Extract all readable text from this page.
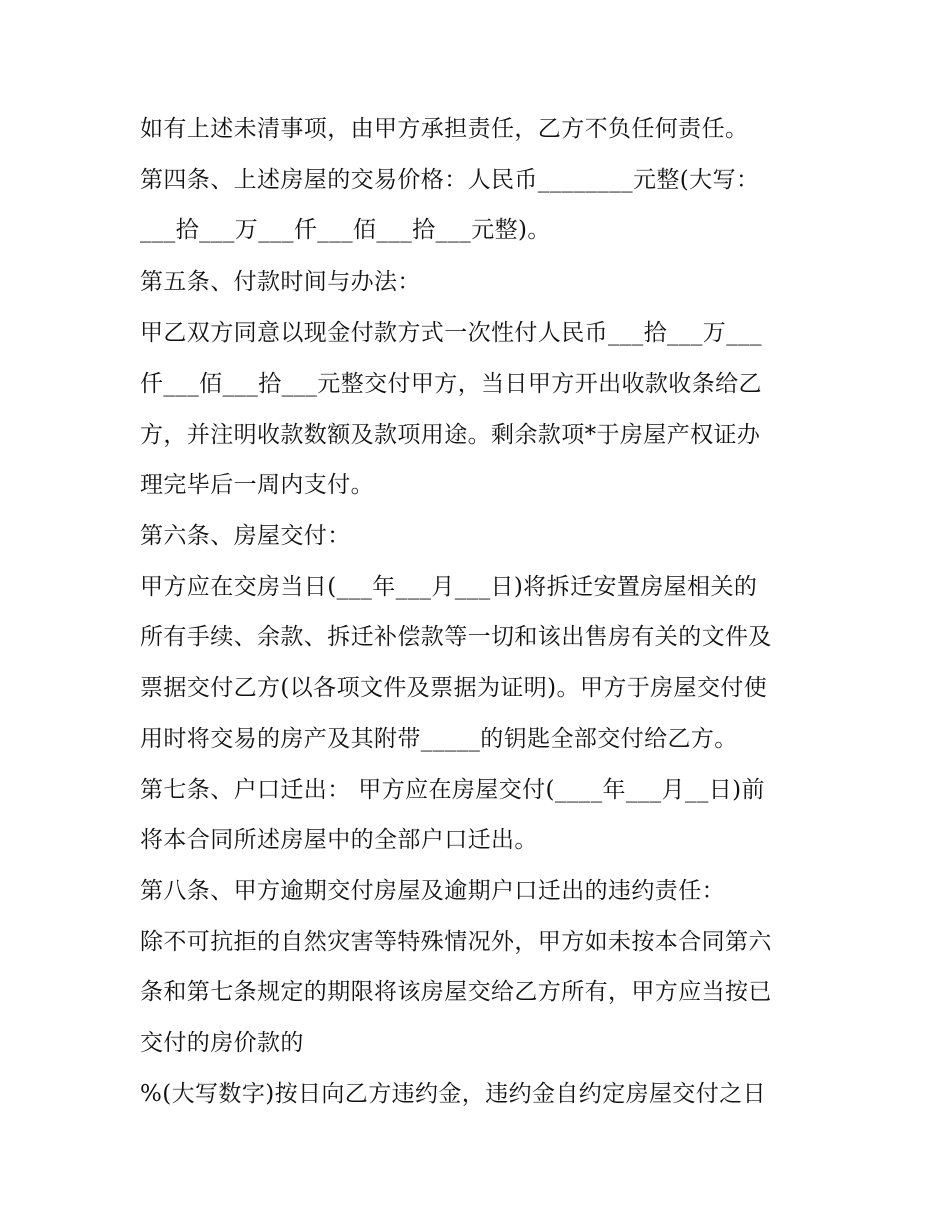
如有上述未清事项，由甲方承担责任，乙方不负任何责任。
第四条、上述房屋的交易价格：人民币________元整(大写：
___拾___万___仟___佰___拾___元整)。
第五条、付款时间与办法：
甲乙双方同意以现金付款方式一次性付人民币___拾___万___
仟___佰___拾___元整交付甲方，当日甲方开出收款收条给乙
方，并注明收款数额及款项用途。剩余款项*于房屋产权证办
理完毕后一周内支付。
第六条、房屋交付：
甲方应在交房当日(___年___月___日)将拆迁安置房屋相关的
所有手续、余款、拆迁补偿款等一切和该出售房有关的文件及
票据交付乙方(以各项文件及票据为证明)。甲方于房屋交付使
用时将交易的房产及其附带_____的钥匙全部交付给乙方。
第七条、户口迁出： 甲方应在房屋交付(____年___月__日)前
将本合同所述房屋中的全部户口迁出。
第八条、甲方逾期交付房屋及逾期户口迁出的违约责任：
除不可抗拒的自然灾害等特殊情况外，甲方如未按本合同第六
条和第七条规定的期限将该房屋交给乙方所有，甲方应当按已
交付的房价款的
%(大写数字)按日向乙方违约金，违约金自约定房屋交付之日
